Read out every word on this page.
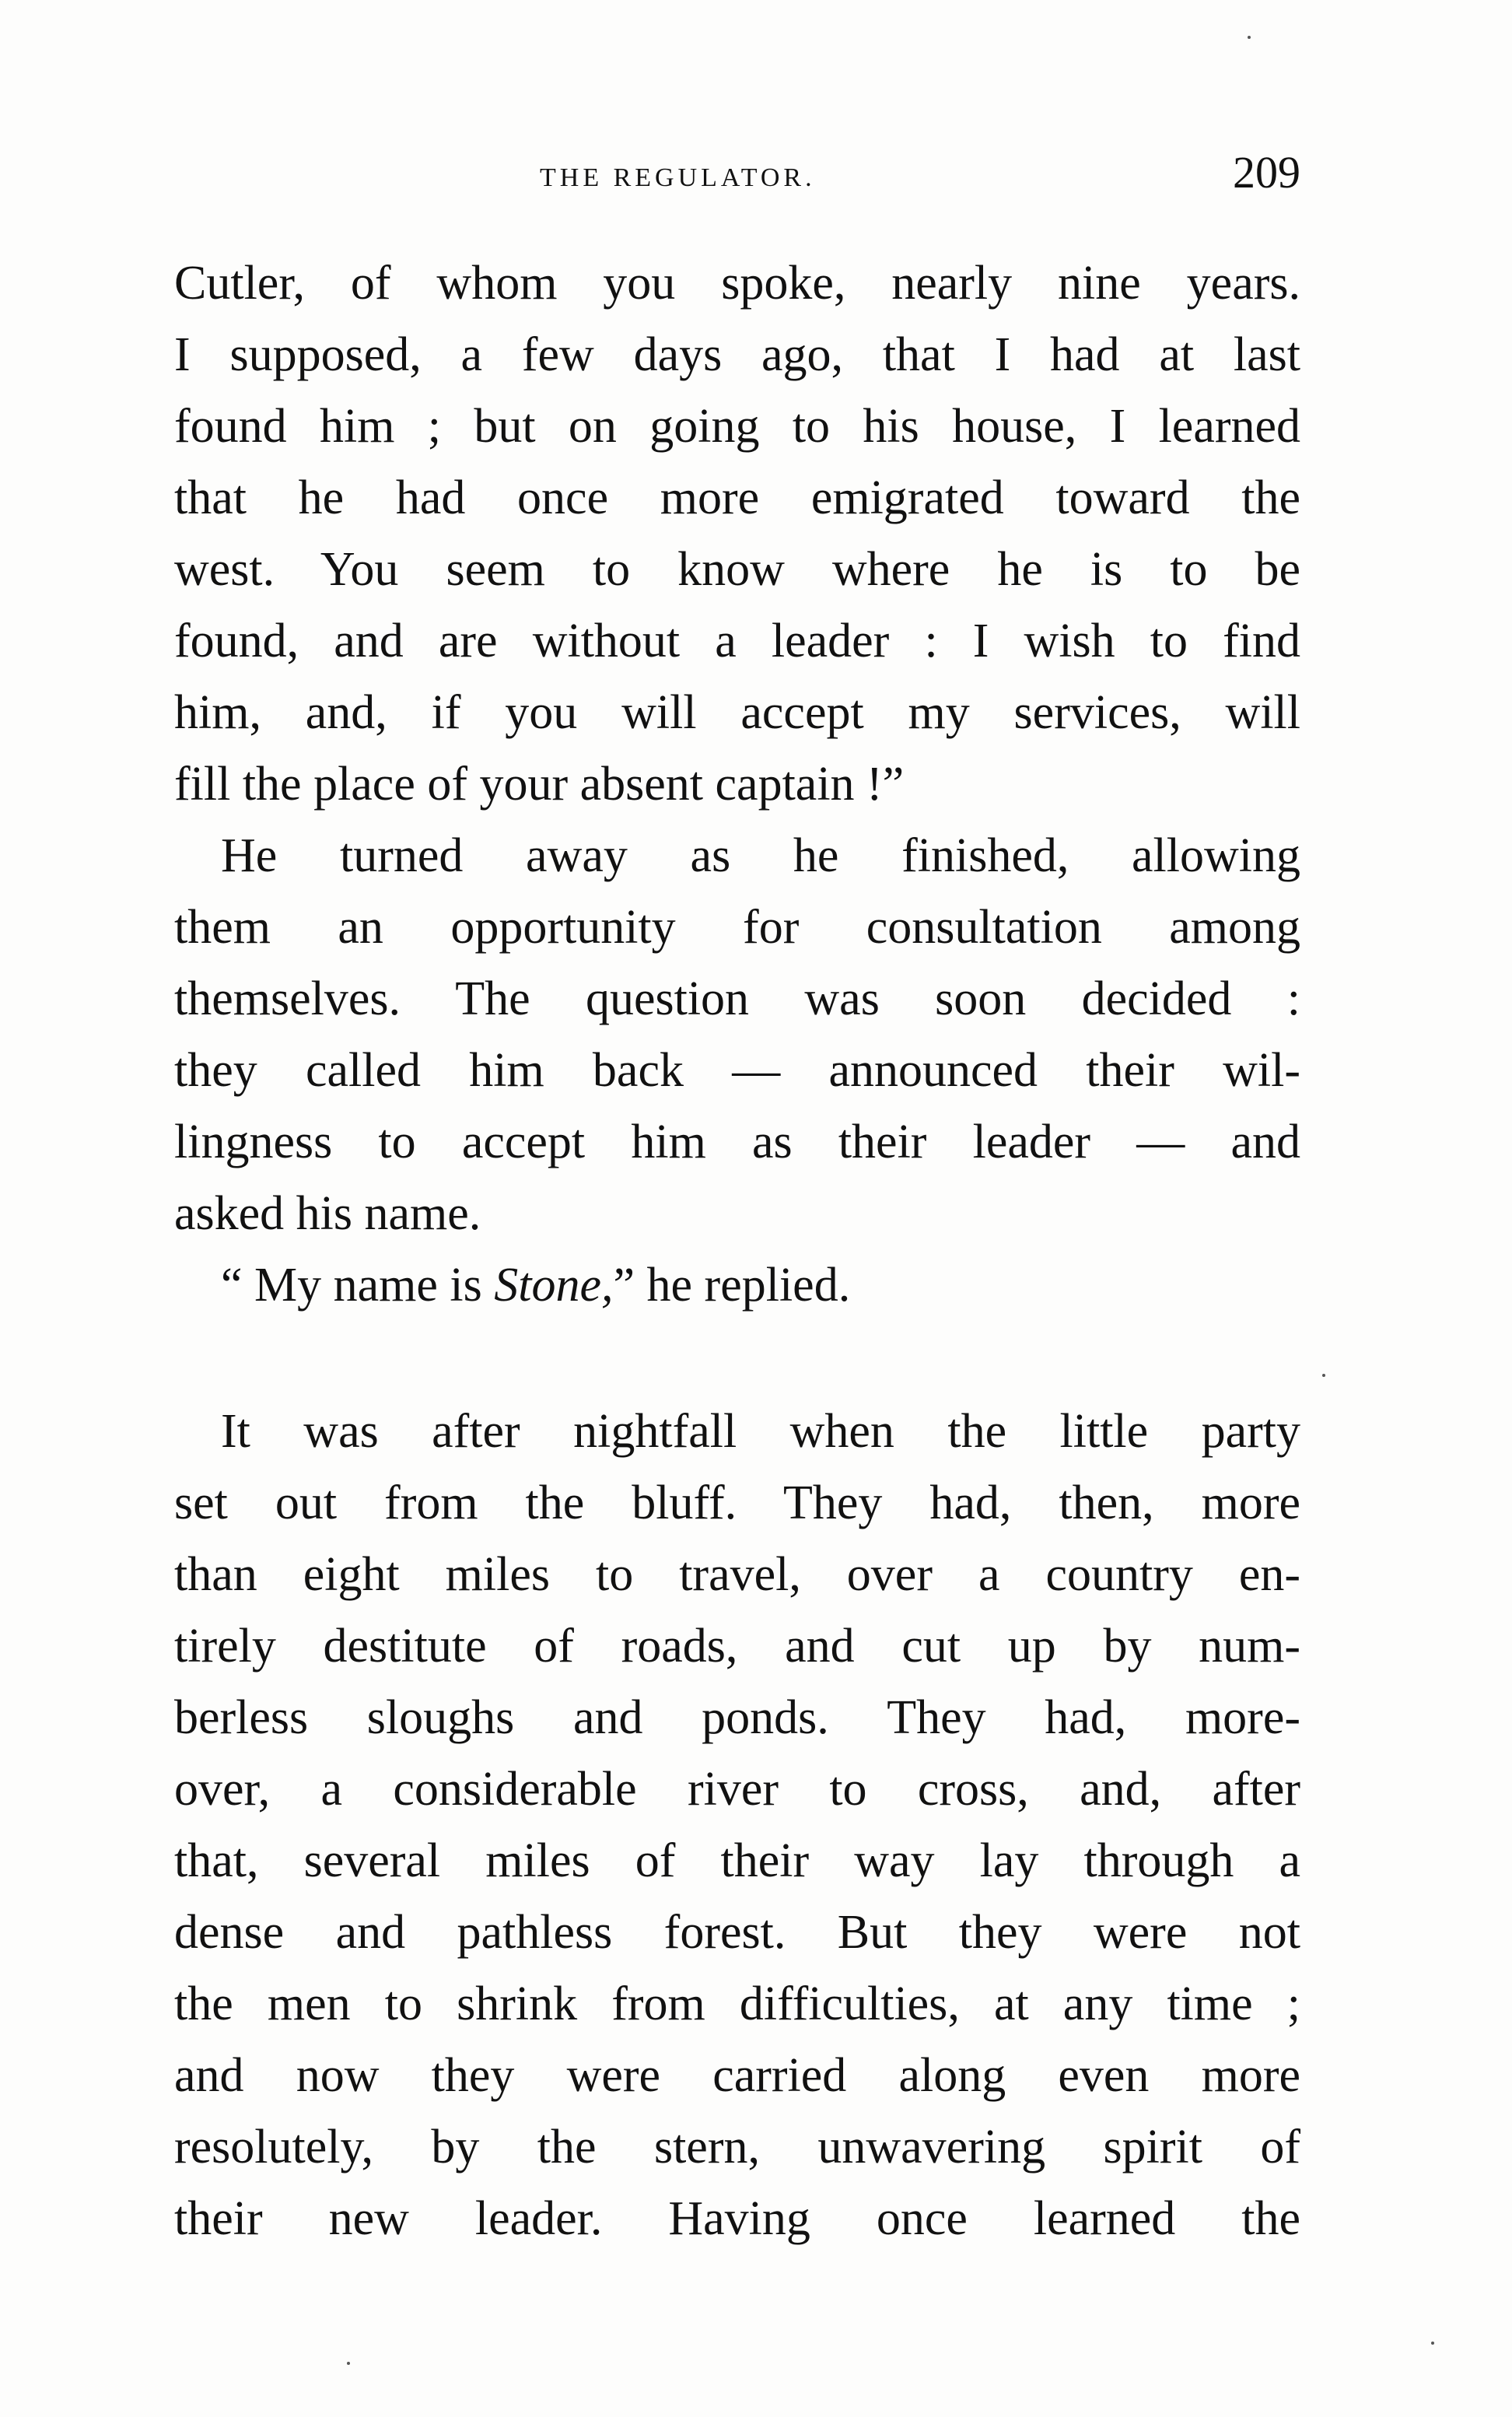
THE REGULATOR.	209
Cutler, of whom you spoke, nearly nine years.
I supposed, a few days ago, that I had at last
found him ; but on going to his house, I learned
that he had once more emigrated toward the
west. You seem to know where he is to be
found, and are without a leader : I wish to find
him, and, if you will accept my services, will
fill the place of your absent captain !”
He turned away as he finished, allowing
them an opportunity for consultation among
themselves. The question was soon decided :
they called him back — announced their wil-
lingness to accept him as their leader — and
asked his name.
“ My name is Stone,” he replied.
It was after nightfall when the little party
set out from the bluff. They had, then, more
than eight miles to travel, over a country en-
tirely destitute of roads, and cut up by num-
berless sloughs and ponds. They had, more-
over, a considerable river to cross, and, after
that, several miles of their way lay through a
dense and pathless forest. But they were not
the men to shrink from difficulties, at any time ;
and now they were carried along even more
resolutely, by the stern, unwavering spirit of
their new leader. Having once learned the
